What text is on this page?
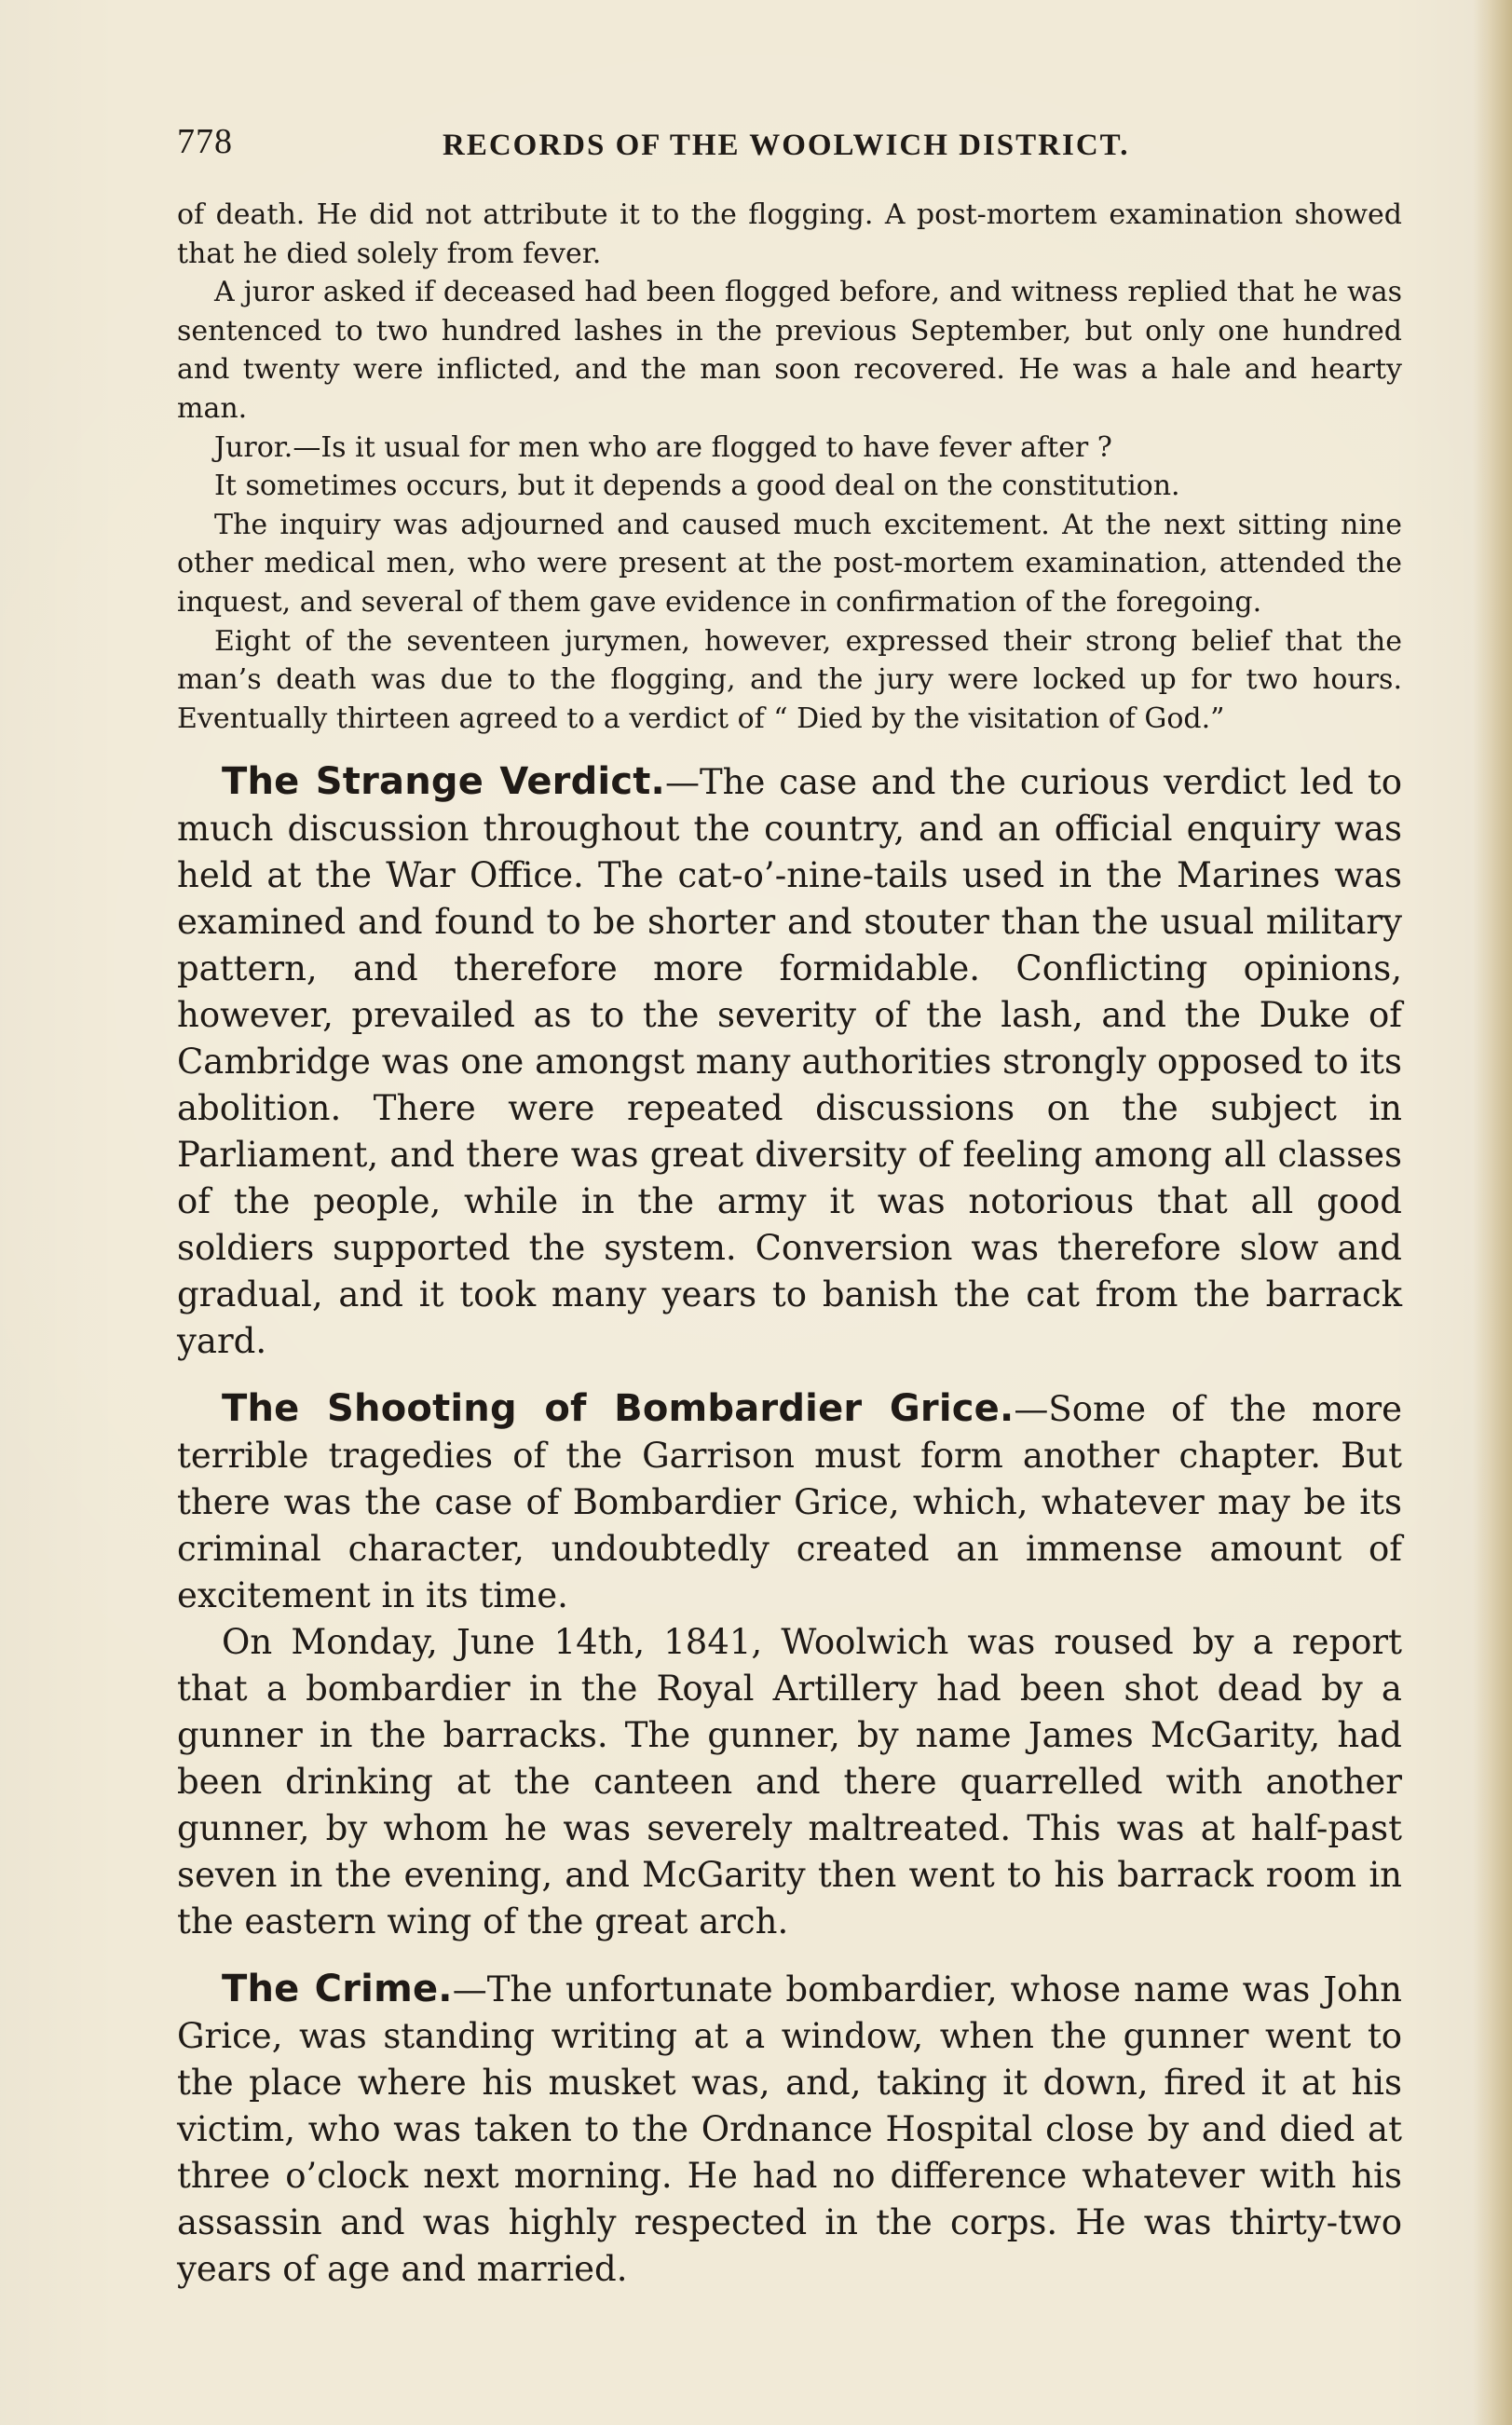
778	RECORDS OF THE WOOLWICH DISTRICT.

of death. He did not attribute it to the flogging. A post-mortem examination showed that he died solely from fever.

A juror asked if deceased had been flogged before, and witness replied that he was sentenced to two hundred lashes in the previous September, but only one hundred and twenty were inflicted, and the man soon recovered. He was a hale and hearty man.

Juror.—Is it usual for men who are flogged to have fever after ?

It sometimes occurs, but it depends a good deal on the constitution.

The inquiry was adjourned and caused much excitement. At the next sitting nine other medical men, who were present at the post-mortem examination, attended the inquest, and several of them gave evidence in confirmation of the foregoing.

Eight of the seventeen jurymen, however, expressed their strong belief that the man’s death was due to the flogging, and the jury were locked up for two hours. Eventually thirteen agreed to a verdict of “ Died by the visitation of God.”

The Strange Verdict.—The case and the curious verdict led to much discussion throughout the country, and an official enquiry was held at the War Office. The cat-o’-nine-tails used in the Marines was examined and found to be shorter and stouter than the usual military pattern, and therefore more formidable. Conflicting opinions, however, prevailed as to the severity of the lash, and the Duke of Cambridge was one amongst many authorities strongly opposed to its abolition. There were repeated discussions on the subject in Parliament, and there was great diversity of feeling among all classes of the people, while in the army it was notorious that all good soldiers supported the system. Conversion was therefore slow and gradual, and it took many years to banish the cat from the barrack yard.

The Shooting of Bombardier Grice.—Some of the more terrible tragedies of the Garrison must form another chapter. But there was the case of Bombardier Grice, which, whatever may be its criminal character, undoubtedly created an immense amount of excitement in its time.

On Monday, June 14th, 1841, Woolwich was roused by a report that a bombardier in the Royal Artillery had been shot dead by a gunner in the barracks. The gunner, by name James McGarity, had been drinking at the canteen and there quarrelled with another gunner, by whom he was severely maltreated. This was at half-past seven in the evening, and McGarity then went to his barrack room in the eastern wing of the great arch.

The Crime.—The unfortunate bombardier, whose name was John Grice, was standing writing at a window, when the gunner went to the place where his musket was, and, taking it down, fired it at his victim, who was taken to the Ordnance Hospital close by and died at three o’clock next morning. He had no difference whatever with his assassin and was highly respected in the corps. He was thirty-two years of age and married.
